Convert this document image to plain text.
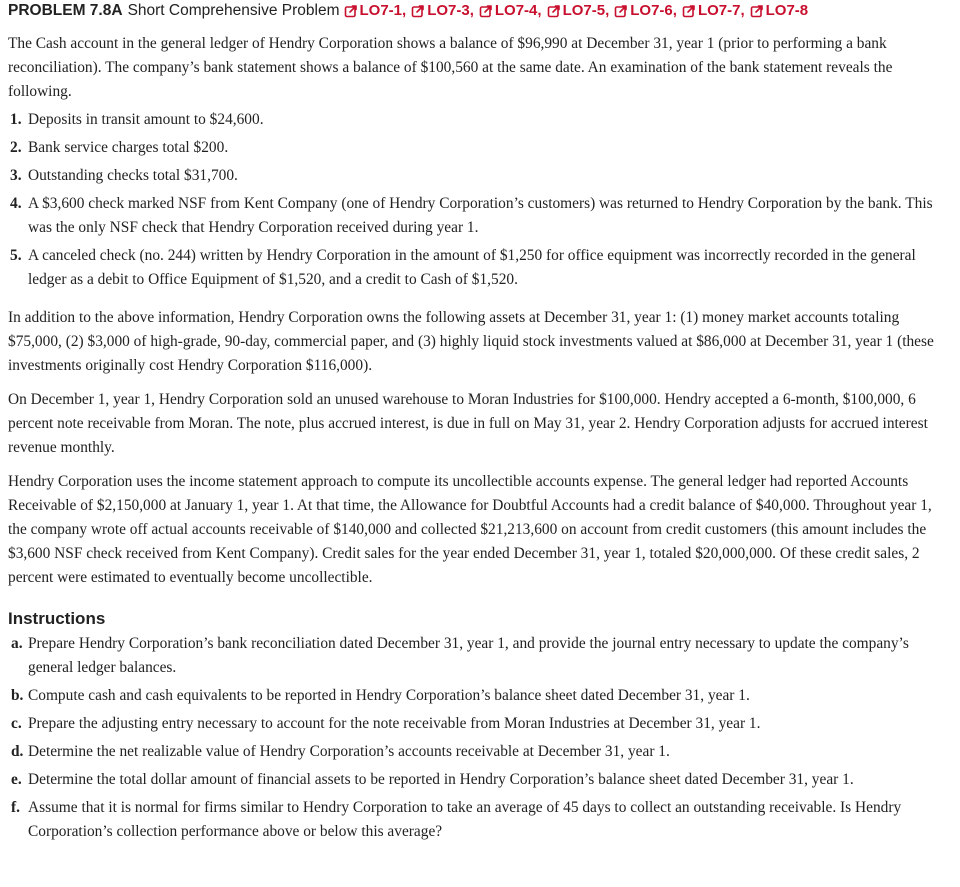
PROBLEM 7.8A Short Comprehensive Problem LO7-1 , LO7-3 , LO7-4 , LO7-5 , LO7-6 , LO7-7 , LO7-8

The Cash account in the general ledger of Hendry Corporation shows a balance of $96,990 at December 31, year 1 (prior to performing a bank reconciliation). The company’s bank statement shows a balance of $100,560 at the same date. An examination of the bank statement reveals the following.

1. Deposits in transit amount to $24,600.
2. Bank service charges total $200.
3. Outstanding checks total $31,700.
4. A $3,600 check marked NSF from Kent Company (one of Hendry Corporation’s customers) was returned to Hendry Corporation by the bank. This was the only NSF check that Hendry Corporation received during year 1.
5. A canceled check (no. 244) written by Hendry Corporation in the amount of $1,250 for office equipment was incorrectly recorded in the general ledger as a debit to Office Equipment of $1,520, and a credit to Cash of $1,520.

In addition to the above information, Hendry Corporation owns the following assets at December 31, year 1: (1) money market accounts totaling $75,000, (2) $3,000 of high-grade, 90-day, commercial paper, and (3) highly liquid stock investments valued at $86,000 at December 31, year 1 (these investments originally cost Hendry Corporation $116,000).

On December 1, year 1, Hendry Corporation sold an unused warehouse to Moran Industries for $100,000. Hendry accepted a 6-month, $100,000, 6 percent note receivable from Moran. The note, plus accrued interest, is due in full on May 31, year 2. Hendry Corporation adjusts for accrued interest revenue monthly.

Hendry Corporation uses the income statement approach to compute its uncollectible accounts expense. The general ledger had reported Accounts Receivable of $2,150,000 at January 1, year 1. At that time, the Allowance for Doubtful Accounts had a credit balance of $40,000. Throughout year 1, the company wrote off actual accounts receivable of $140,000 and collected $21,213,600 on account from credit customers (this amount includes the $3,600 NSF check received from Kent Company). Credit sales for the year ended December 31, year 1, totaled $20,000,000. Of these credit sales, 2 percent were estimated to eventually become uncollectible.

Instructions
a. Prepare Hendry Corporation’s bank reconciliation dated December 31, year 1, and provide the journal entry necessary to update the company’s general ledger balances.
b. Compute cash and cash equivalents to be reported in Hendry Corporation’s balance sheet dated December 31, year 1.
c. Prepare the adjusting entry necessary to account for the note receivable from Moran Industries at December 31, year 1.
d. Determine the net realizable value of Hendry Corporation’s accounts receivable at December 31, year 1.
e. Determine the total dollar amount of financial assets to be reported in Hendry Corporation’s balance sheet dated December 31, year 1.
f. Assume that it is normal for firms similar to Hendry Corporation to take an average of 45 days to collect an outstanding receivable. Is Hendry Corporation’s collection performance above or below this average?
